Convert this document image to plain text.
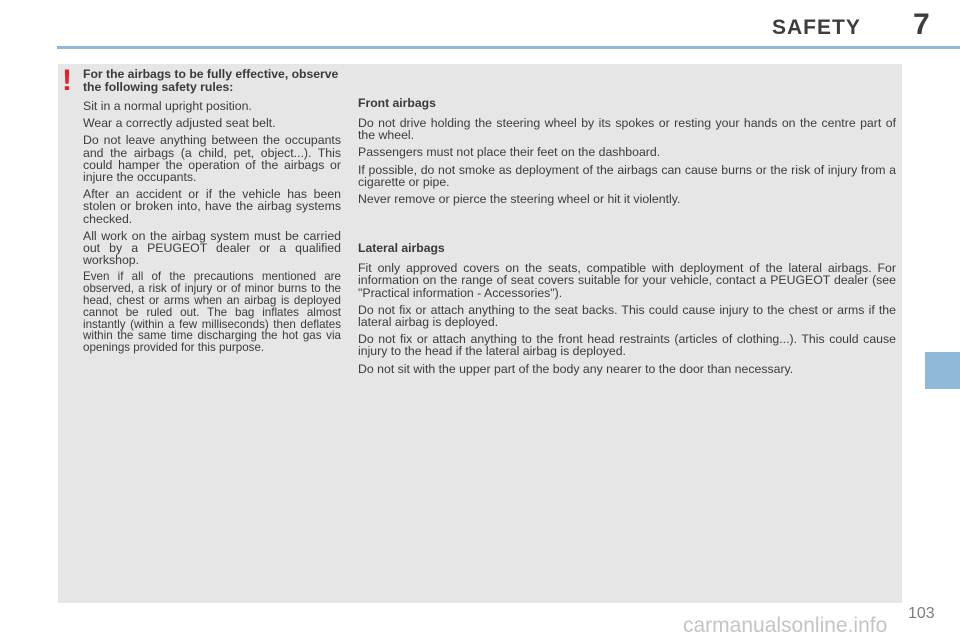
SAFETY 7
! For the airbags to be fully effective, observe the following safety rules:

Sit in a normal upright position.

Wear a correctly adjusted seat belt.

Do not leave anything between the occupants and the airbags (a child, pet, object...). This could hamper the operation of the airbags or injure the occupants.

After an accident or if the vehicle has been stolen or broken into, have the airbag systems checked.

All work on the airbag system must be carried out by a PEUGEOT dealer or a qualified workshop.

Even if all of the precautions mentioned are observed, a risk of injury or of minor burns to the head, chest or arms when an airbag is deployed cannot be ruled out. The bag inflates almost instantly (within a few milliseconds) then deflates within the same time discharging the hot gas via openings provided for this purpose.

Front airbags

Do not drive holding the steering wheel by its spokes or resting your hands on the centre part of the wheel.

Passengers must not place their feet on the dashboard.

If possible, do not smoke as deployment of the airbags can cause burns or the risk of injury from a cigarette or pipe.

Never remove or pierce the steering wheel or hit it violently.

Lateral airbags

Fit only approved covers on the seats, compatible with deployment of the lateral airbags. For information on the range of seat covers suitable for your vehicle, contact a PEUGEOT dealer (see "Practical information - Accessories").

Do not fix or attach anything to the seat backs. This could cause injury to the chest or arms if the lateral airbag is deployed.

Do not fix or attach anything to the front head restraints (articles of clothing...). This could cause injury to the head if the lateral airbag is deployed.

Do not sit with the upper part of the body any nearer to the door than necessary.

103
carmanualsonline.info
